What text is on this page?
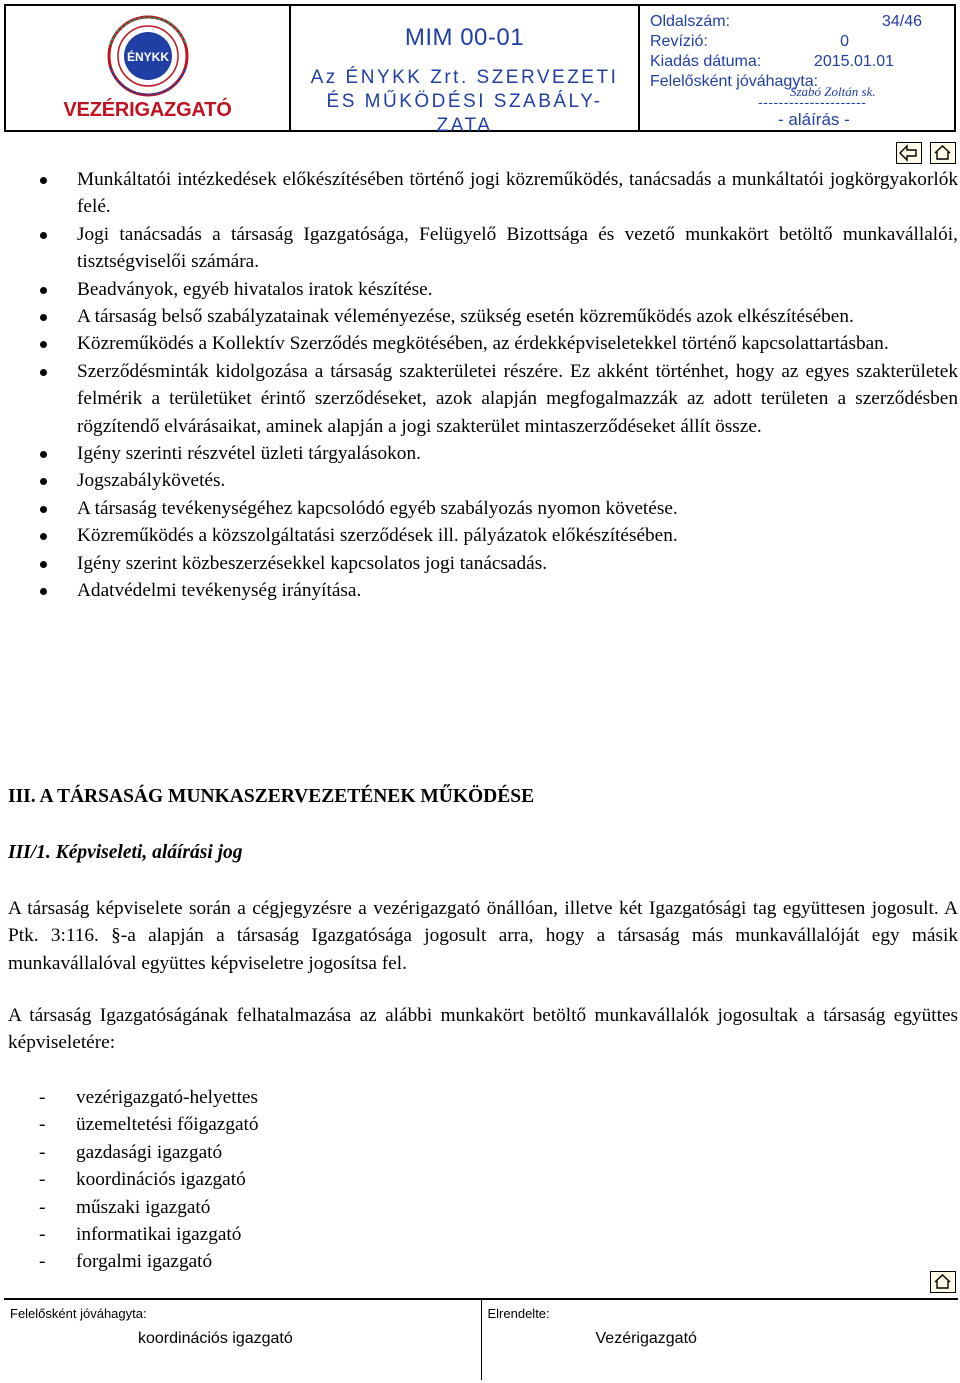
ÉNYKK
VEZÉRIGAZGATÓ
MIM 00-01
Az ÉNYKK Zrt. SZERVEZETI ÉS MŰKÖDÉSI SZABÁLY-ZATA
Oldalszám:	34/46
Revízió:	0
Kiadás dátuma:	2015.01.01
Felelősként jóváhagyta:
Szabó Zoltán sk.
---------------------
- aláírás -
Munkáltatói intézkedések előkészítésében történő jogi közreműködés, tanácsadás a munkáltatói jogkörgyakorlók felé.
Jogi tanácsadás a társaság Igazgatósága, Felügyelő Bizottsága és vezető munkakört betöltő munkavállalói, tisztségviselői számára.
Beadványok, egyéb hivatalos iratok készítése.
A társaság belső szabályzatainak véleményezése, szükség esetén közreműködés azok elkészítésében.
Közreműködés a Kollektív Szerződés megkötésében, az érdekképviseletekkel történő kapcsolattartásban.
Szerződésminták kidolgozása a társaság szakterületei részére. Ez akként történhet, hogy az egyes szakterületek felmérik a területüket érintő szerződéseket, azok alapján megfogalmazzák az adott területen a szerződésben rögzítendő elvárásaikat, aminek alapján a jogi szakterület mintaszerződéseket állít össze.
Igény szerinti részvétel üzleti tárgyalásokon.
Jogszabálykövetés.
A társaság tevékenységéhez kapcsolódó egyéb szabályozás nyomon követése.
Közreműködés a közszolgáltatási szerződések ill. pályázatok előkészítésében.
Igény szerint közbeszerzésekkel kapcsolatos jogi tanácsadás.
Adatvédelmi tevékenység irányítása.
III. A TÁRSASÁG MUNKASZERVEZETÉNEK MŰKÖDÉSE
III/1. Képviseleti, aláírási jog
A társaság képviselete során a cégjegyzésre a vezérigazgató önállóan, illetve két Igazgatósági tag együttesen jogosult. A Ptk. 3:116. §-a alapján a társaság Igazgatósága jogosult arra, hogy a társaság más munkavállalóját egy másik munkavállalóval együttes képviseletre jogosítsa fel.
A társaság Igazgatóságának felhatalmazása az alábbi munkakört betöltő munkavállalók jogosultak a társaság együttes képviseletére:
- vezérigazgató-helyettes
- üzemeltetési főigazgató
- gazdasági igazgató
- koordinációs igazgató
- műszaki igazgató
- informatikai igazgató
- forgalmi igazgató
Felelősként jóváhagyta:
koordinációs igazgató
Elrendelte:
Vezérigazgató
